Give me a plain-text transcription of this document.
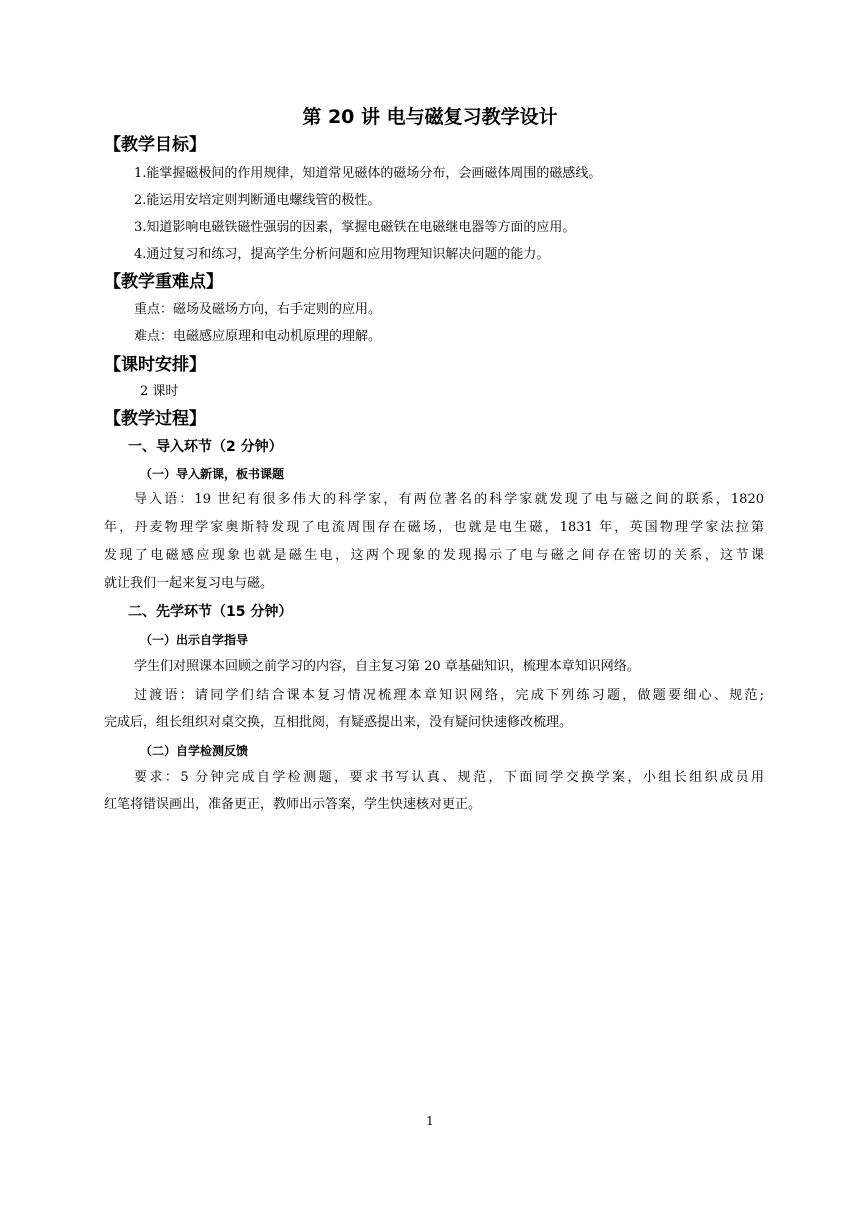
第 20 讲 电与磁复习教学设计
【教学目标】
1.能掌握磁极间的作用规律，知道常见磁体的磁场分布，会画磁体周围的磁感线。
2.能运用安培定则判断通电螺线管的极性。
3.知道影响电磁铁磁性强弱的因素，掌握电磁铁在电磁继电器等方面的应用。
4.通过复习和练习，提高学生分析问题和应用物理知识解决问题的能力。
【教学重难点】
重点：磁场及磁场方向，右手定则的应用。
难点：电磁感应原理和电动机原理的理解。
【课时安排】
2 课时
【教学过程】
一、导入环节（2 分钟）
（一）导入新课，板书课题
导入语：19 世纪有很多伟大的科学家，有两位著名的科学家就发现了电与磁之间的联系，1820
年，丹麦物理学家奥斯特发现了电流周围存在磁场，也就是电生磁，1831 年，英国物理学家法拉第
发现了电磁感应现象也就是磁生电，这两个现象的发现揭示了电与磁之间存在密切的关系，这节课
就让我们一起来复习电与磁。
二、先学环节（15 分钟）
（一）出示自学指导
学生们对照课本回顾之前学习的内容，自主复习第 20 章基础知识，梳理本章知识网络。
过渡语：请同学们结合课本复习情况梳理本章知识网络，完成下列练习题，做题要细心、规范;
完成后，组长组织对桌交换，互相批阅，有疑惑提出来，没有疑问快速修改梳理。
（二）自学检测反馈
要求：5 分钟完成自学检测题，要求书写认真、规范，下面同学交换学案，小组长组织成员用
红笔将错误画出，准备更正，教师出示答案，学生快速核对更正。
1
